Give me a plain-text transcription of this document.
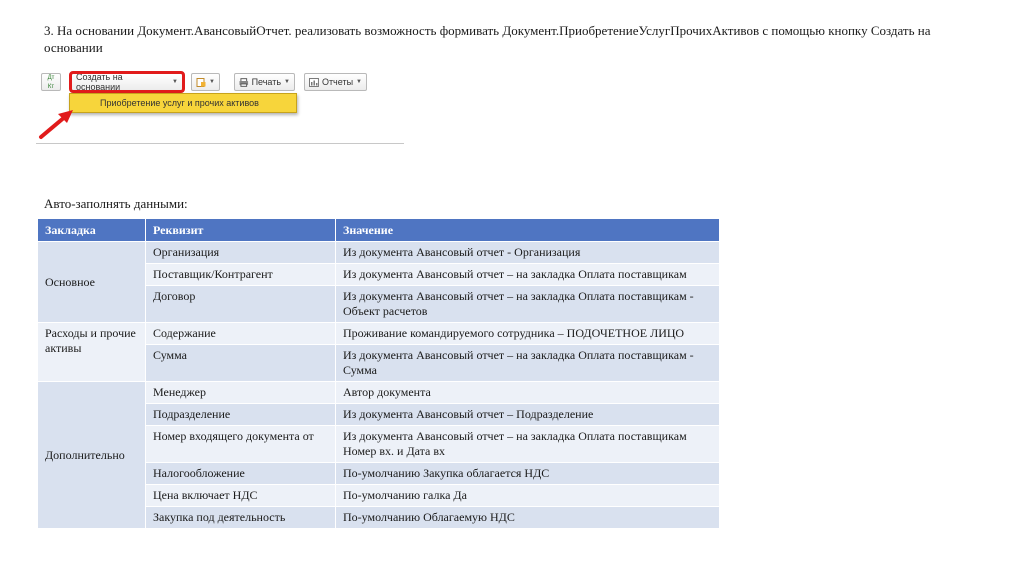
3. На основании Документ.АвансовыйОтчет. реализовать возможность формивать Документ.ПриобретениеУслугПрочихАктивов с помощью кнопку Создать на основании
Дт
Кт
Создать на основании	▼	▼	Печать ▼	Отчеты ▼
Приобретение услуг и прочих активов
Авто-заполнять данными:
Закладка	Реквизит	Значение
Основное	Организация	Из документа Авансовый отчет - Организация
	Поставщик/Контрагент	Из документа Авансовый отчет – на закладка Оплата поставщикам
	Договор	Из документа Авансовый отчет – на закладка Оплата поставщикам - Объект расчетов
Расходы и прочие активы	Содержание	Проживание командируемого сотрудника – ПОДОЧЕТНОЕ ЛИЦО
	Сумма	Из документа Авансовый отчет – на закладка Оплата поставщикам - Сумма
Дополнительно	Менеджер	Автор документа
	Подразделение	Из документа Авансовый отчет – Подразделение
	Номер входящего документа от	Из документа Авансовый отчет – на закладка Оплата поставщикам Номер вх. и Дата вх
	Налогообложение	По-умолчанию Закупка облагается НДС
	Цена включает НДС	По-умолчанию галка Да
	Закупка под деятельность	По-умолчанию Облагаемую НДС
